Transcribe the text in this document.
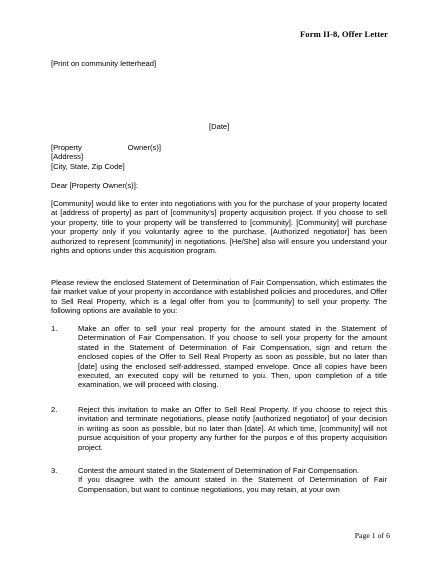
Form II-8, Offer Letter
[Print on community letterhead]
[Date]
[Property	Owner(s)]
[Address]
[City, State, Zip Code]
Dear [Property Owner(s)]:
[Community] would like to enter into negotiations with you for the purchase of your property located at [address of property] as part of [community's] property acquisition project. If you choose to sell your property, title to your property will be transferred to [community]. [Community] will purchase your property only if you voluntarily agree to the purchase. [Authorized negotiator] has been authorized to represent [community] in negotiations. [He/She] also will ensure you understand your rights and options under this acquisition program.
Please review the enclosed Statement of Determination of Fair Compensation, which estimates the fair market value of your property in accordance with established policies and procedures, and Offer to Sell Real Property, which is a legal offer from you to [community] to sell your property. The following options are available to you:
1.	Make an offer to sell your real property for the amount stated in the Statement of Determination of Fair Compensation. If you choose to sell your property for the amount stated in the Statement of Determination of Fair Compensation, sign and return the enclosed copies of the Offer to Sell Real Property as soon as possible, but no later than [date] using the enclosed self-addressed, stamped envelope. Once all copies have been executed, an executed copy will be returned to you. Then, upon completion of a title examination, we will proceed with closing.
2.	Reject this invitation to make an Offer to Sell Real Property. If you choose to reject this invitation and terminate negotiations, please notify [authorized negotiator] of your decision in writing as soon as possible, but no later than [date]. At which time, [community] will not pursue acquisition of your property any further for the purpos e of this property acquisition project.
3.	Contest the amount stated in the Statement of Determination of Fair Compensation.
If you disagree with the amount stated in the Statement of Determination of Fair Compensation, but want to continue negotiations, you may retain, at your own
Page 1 of 6
